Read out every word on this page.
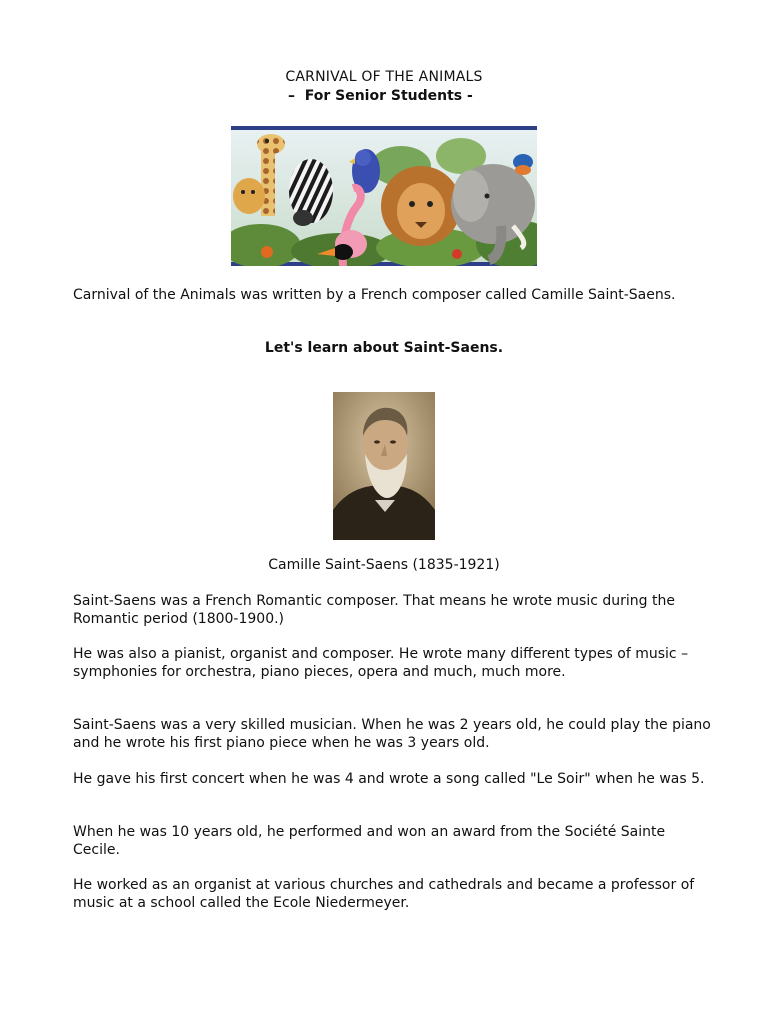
CARNIVAL OF THE ANIMALS
–  For Senior Students -

Carnival of the Animals was written by a French composer called Camille Saint-Saens.

Let's learn about Saint-Saens.
Camille Saint-Saens (1835-1921)

Saint-Saens was a French Romantic composer. That means he wrote music during the Romantic period (1800-1900.)

He was also a pianist, organist and composer. He wrote many different types of music – symphonies for orchestra, piano pieces, opera and much, much more.

Saint-Saens was a very skilled musician. When he was 2 years old, he could play the piano and he wrote his first piano piece when he was 3 years old.

He gave his first concert when he was 4 and wrote a song called "Le Soir" when he was 5.

When he was 10 years old, he performed and won an award from the Société Sainte Cecile.

He worked as an organist at various churches and cathedrals and became a professor of music at a school called the Ecole Niedermeyer.
